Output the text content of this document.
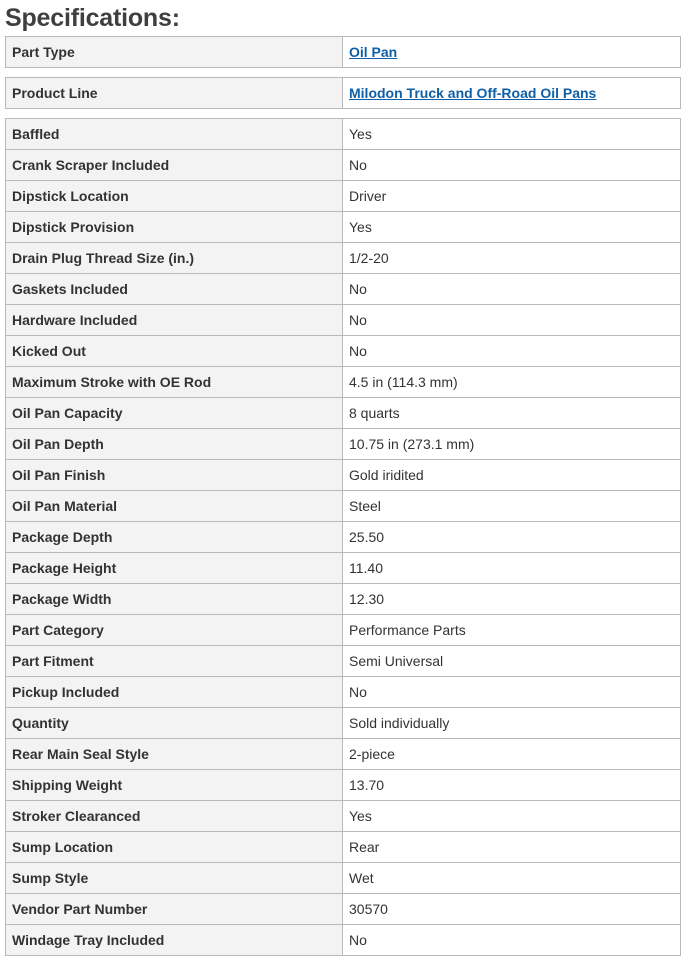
Specifications:
Part Type	Oil Pan
Product Line	Milodon Truck and Off-Road Oil Pans
Baffled	Yes
Crank Scraper Included	No
Dipstick Location	Driver
Dipstick Provision	Yes
Drain Plug Thread Size (in.)	1/2-20
Gaskets Included	No
Hardware Included	No
Kicked Out	No
Maximum Stroke with OE Rod	4.5 in (114.3 mm)
Oil Pan Capacity	8 quarts
Oil Pan Depth	10.75 in (273.1 mm)
Oil Pan Finish	Gold iridited
Oil Pan Material	Steel
Package Depth	25.50
Package Height	11.40
Package Width	12.30
Part Category	Performance Parts
Part Fitment	Semi Universal
Pickup Included	No
Quantity	Sold individually
Rear Main Seal Style	2-piece
Shipping Weight	13.70
Stroker Clearanced	Yes
Sump Location	Rear
Sump Style	Wet
Vendor Part Number	30570
Windage Tray Included	No
